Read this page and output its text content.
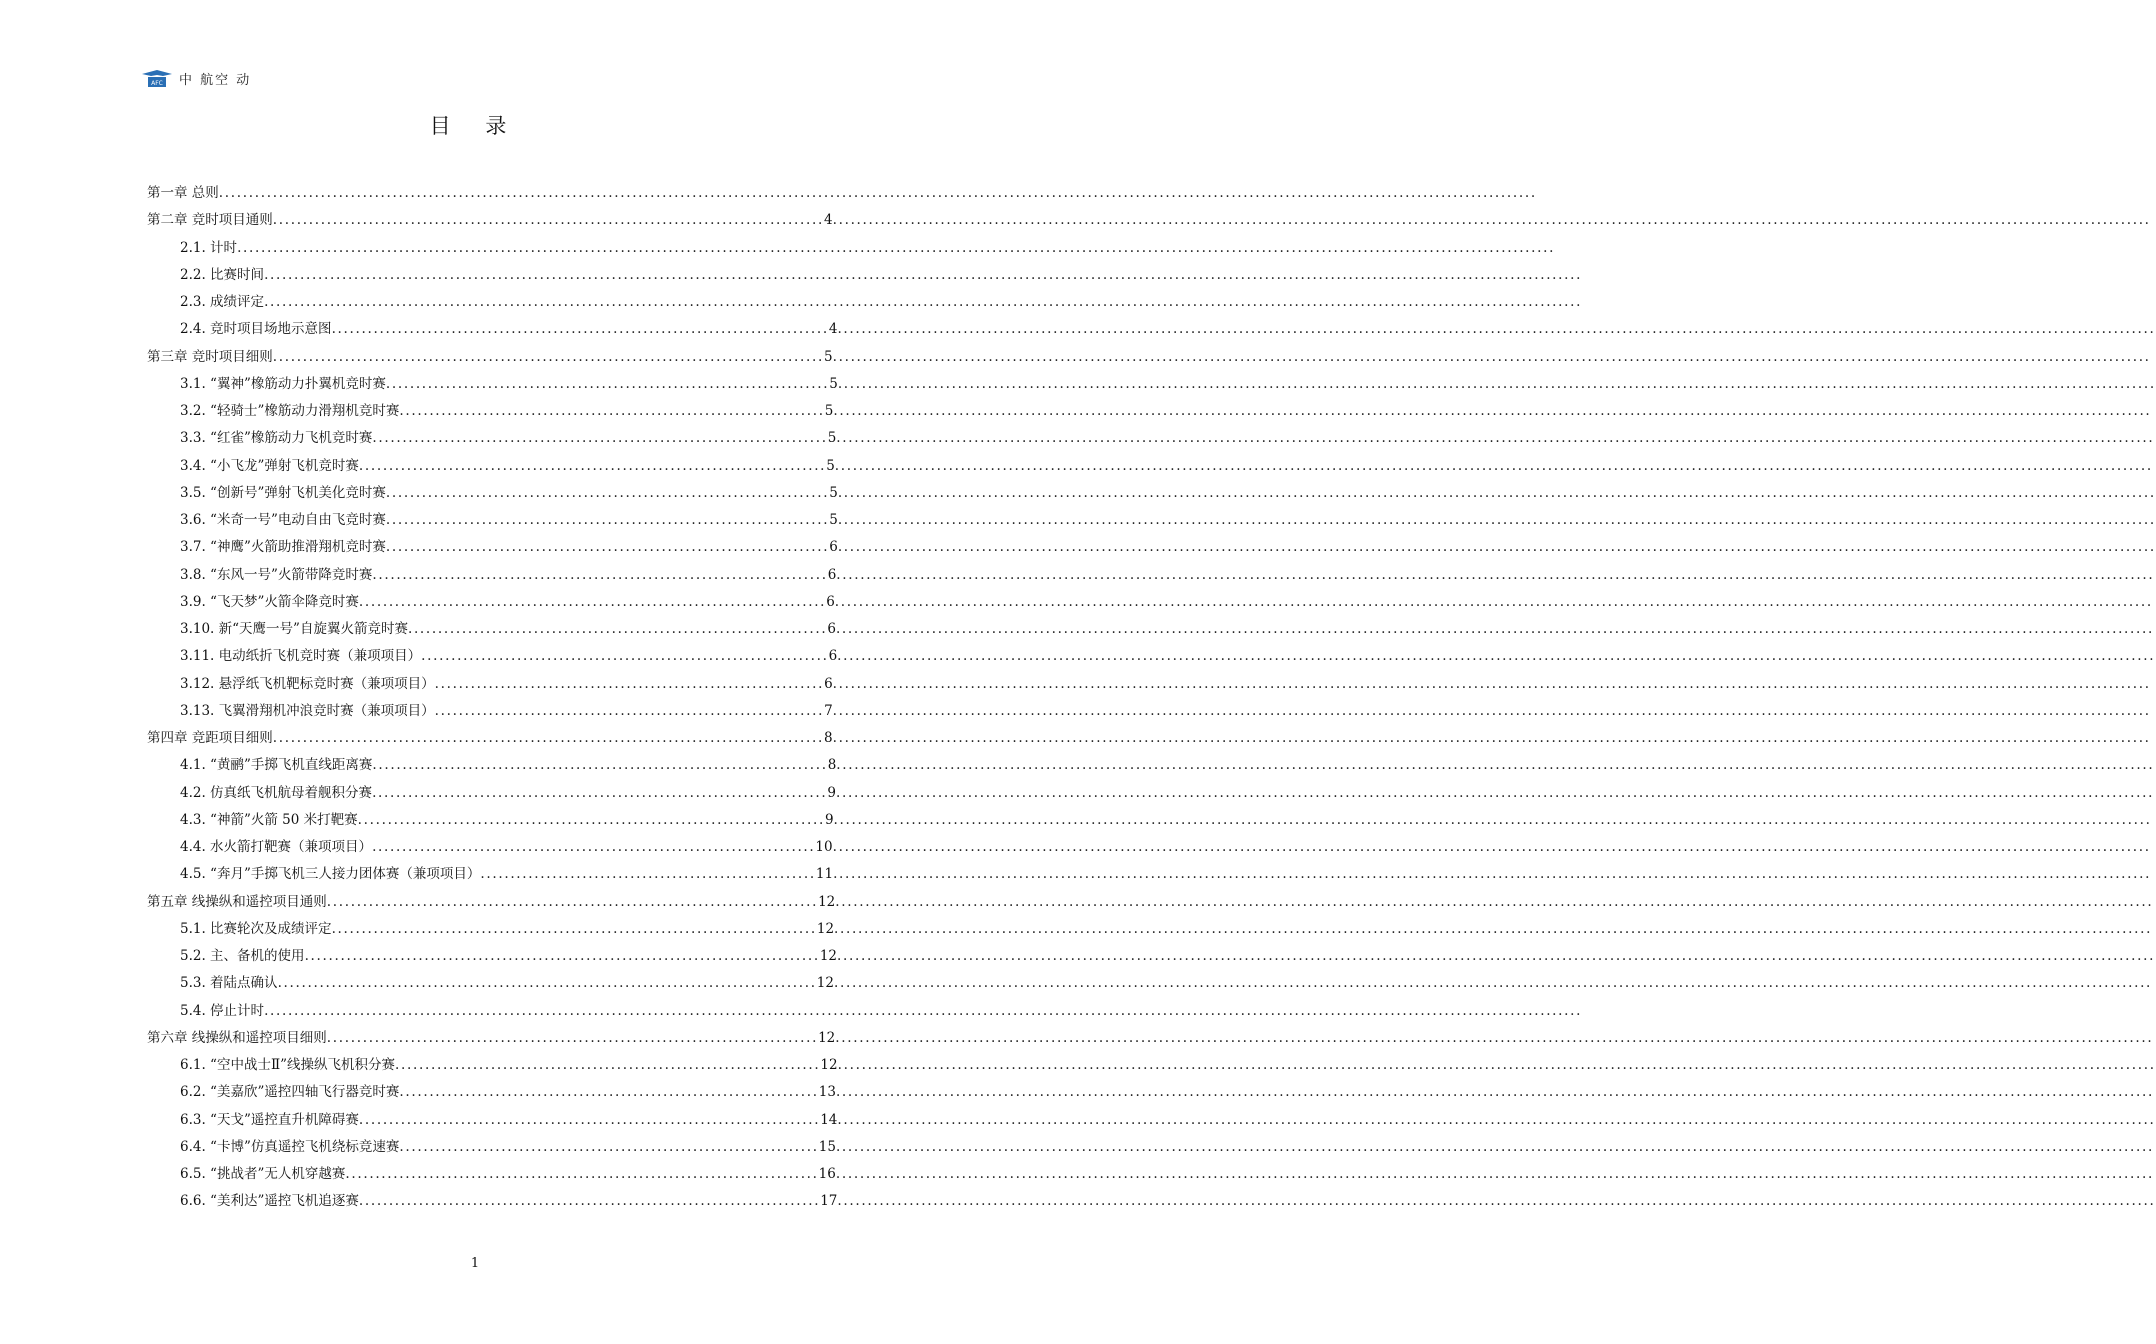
AFC 中 航空 动
目 录
第一章 总则............................................................................................................................................................................................................................
第二章 竞时项目通则............................................................................................4............................................................................................................................................................................................................................
2.1. 计时............................................................................................................................................................................................................................
2.2. 比赛时间............................................................................................................................................................................................................................
2.3. 成绩评定............................................................................................................................................................................................................................
2.4. 竞时项目场地示意图...................................................................................4............................................................................................................................................................................................................................
第三章 竞时项目细则............................................................................................5............................................................................................................................................................................................................................
3.1. “翼神”橡筋动力扑翼机竞时赛..........................................................................5............................................................................................................................................................................................................................
3.2. “轻骑士”橡筋动力滑翔机竞时赛.......................................................................5............................................................................................................................................................................................................................
3.3. “红雀”橡筋动力飞机竞时赛............................................................................5............................................................................................................................................................................................................................
3.4. “小飞龙”弹射飞机竞时赛..............................................................................5............................................................................................................................................................................................................................
3.5. “创新号”弹射飞机美化竞时赛..........................................................................5............................................................................................................................................................................................................................
3.6. “米奇一号”电动自由飞竞时赛..........................................................................5............................................................................................................................................................................................................................
3.7. “神鹰”火箭助推滑翔机竞时赛..........................................................................6............................................................................................................................................................................................................................
3.8. “东风一号”火箭带降竞时赛............................................................................6............................................................................................................................................................................................................................
3.9. “飞天梦”火箭伞降竞时赛..............................................................................6............................................................................................................................................................................................................................
3.10. 新“天鹰一号”自旋翼火箭竞时赛......................................................................6............................................................................................................................................................................................................................
3.11. 电动纸折飞机竞时赛（兼项项目）....................................................................6............................................................................................................................................................................................................................
3.12. 悬浮纸飞机靶标竞时赛（兼项项目）.................................................................6............................................................................................................................................................................................................................
3.13. 飞翼滑翔机冲浪竞时赛（兼项项目）.................................................................7............................................................................................................................................................................................................................
第四章 竞距项目细则............................................................................................8............................................................................................................................................................................................................................
4.1. “黄鹂”手掷飞机直线距离赛............................................................................8............................................................................................................................................................................................................................
4.2. 仿真纸飞机航母着舰积分赛............................................................................9............................................................................................................................................................................................................................
4.3. “神箭”火箭 50 米打靶赛..............................................................................9............................................................................................................................................................................................................................
4.4. 水火箭打靶赛（兼项项目）..........................................................................10............................................................................................................................................................................................................................
4.5. “奔月”手掷飞机三人接力团体赛（兼项项目）........................................................11............................................................................................................................................................................................................................
第五章 线操纵和遥控项目通则..................................................................................12............................................................................................................................................................................................................................
5.1. 比赛轮次及成绩评定.................................................................................12............................................................................................................................................................................................................................
5.2. 主、备机的使用......................................................................................12............................................................................................................................................................................................................................
5.3. 着陆点确认..........................................................................................12............................................................................................................................................................................................................................
5.4. 停止计时............................................................................................................................................................................................................................
第六章 线操纵和遥控项目细则..................................................................................12............................................................................................................................................................................................................................
6.1. “空中战士Ⅱ”线操纵飞机积分赛.......................................................................12............................................................................................................................................................................................................................
6.2. “美嘉欣”遥控四轴飞行器竞时赛......................................................................13............................................................................................................................................................................................................................
6.3. “天戈”遥控直升机障碍赛.............................................................................14............................................................................................................................................................................................................................
6.4. “卡博”仿真遥控飞机绕标竞速赛......................................................................15............................................................................................................................................................................................................................
6.5. “挑战者”无人机穿越赛...............................................................................16............................................................................................................................................................................................................................
6.6. “美利达”遥控飞机追逐赛.............................................................................17............................................................................................................................................................................................................................
1
